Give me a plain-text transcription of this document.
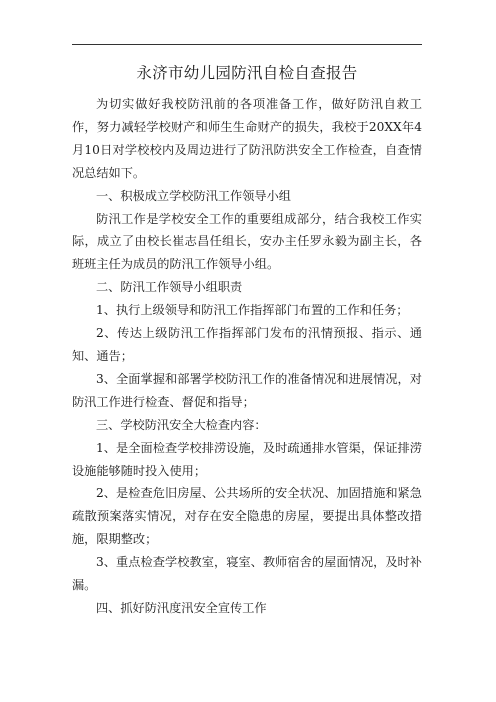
永济市幼儿园防汛自检自查报告

为切实做好我校防汛前的各项准备工作，做好防汛自救工作，努力减轻学校财产和师生生命财产的损失，我校于20XX年4月10日对学校校内及周边进行了防汛防洪安全工作检查，自查情况总结如下。

一、积极成立学校防汛工作领导小组

防汛工作是学校安全工作的重要组成部分，结合我校工作实际，成立了由校长崔志昌任组长，安办主任罗永毅为副主长，各班班主任为成员的防汛工作领导小组。

二、防汛工作领导小组职责

1、执行上级领导和防汛工作指挥部门布置的工作和任务；

2、传达上级防汛工作指挥部门发布的汛情预报、指示、通知、通告；

3、全面掌握和部署学校防汛工作的准备情况和进展情况，对防汛工作进行检查、督促和指导；

三、学校防汛安全大检查内容：

1、是全面检查学校排涝设施，及时疏通排水管渠，保证排涝设施能够随时投入使用；

2、是检查危旧房屋、公共场所的安全状况、加固措施和紧急疏散预案落实情况，对存在安全隐患的房屋，要提出具体整改措施，限期整改；

3、重点检查学校教室，寝室、教师宿舍的屋面情况，及时补漏。

四、抓好防汛度汛安全宣传工作
